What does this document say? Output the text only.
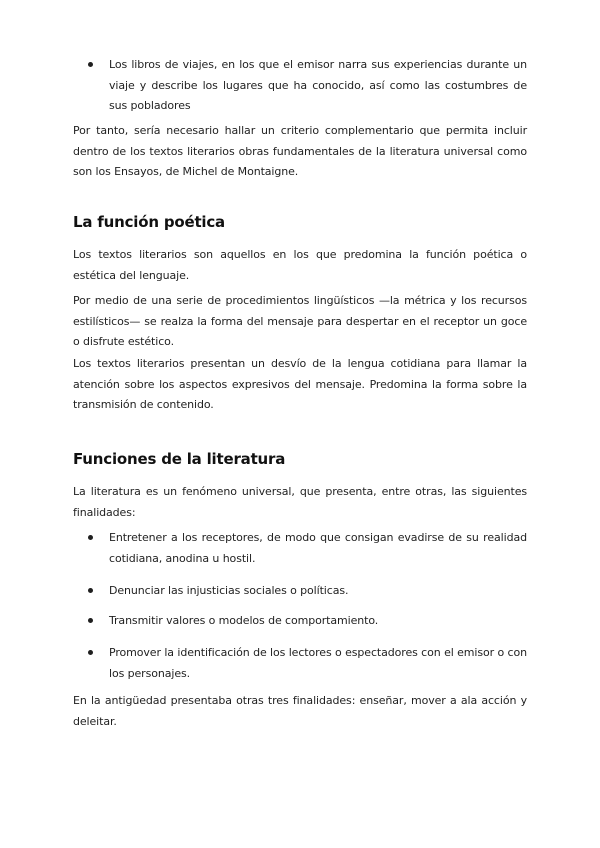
Los libros de viajes, en los que el emisor narra sus experiencias durante un viaje y describe los lugares que ha conocido, así como las costumbres de sus pobladores

Por tanto, sería necesario hallar un criterio complementario que permita incluir dentro de los textos literarios obras fundamentales de la literatura universal como son los Ensayos, de Michel de Montaigne.

La función poética

Los textos literarios son aquellos en los que predomina la función poética o estética del lenguaje.

Por medio de una serie de procedimientos lingüísticos —la métrica y los recursos estilísticos— se realza la forma del mensaje para despertar en el receptor un goce o disfrute estético.

Los textos literarios presentan un desvío de la lengua cotidiana para llamar la atención sobre los aspectos expresivos del mensaje. Predomina la forma sobre la transmisión de contenido.

Funciones de la literatura

La literatura es un fenómeno universal, que presenta, entre otras, las siguientes finalidades:

Entretener a los receptores, de modo que consigan evadirse de su realidad cotidiana, anodina u hostil.

Denunciar las injusticias sociales o políticas.

Transmitir valores o modelos de comportamiento.

Promover la identificación de los lectores o espectadores con el emisor o con los personajes.

En la antigüedad presentaba otras tres finalidades: enseñar, mover a ala acción y deleitar.
